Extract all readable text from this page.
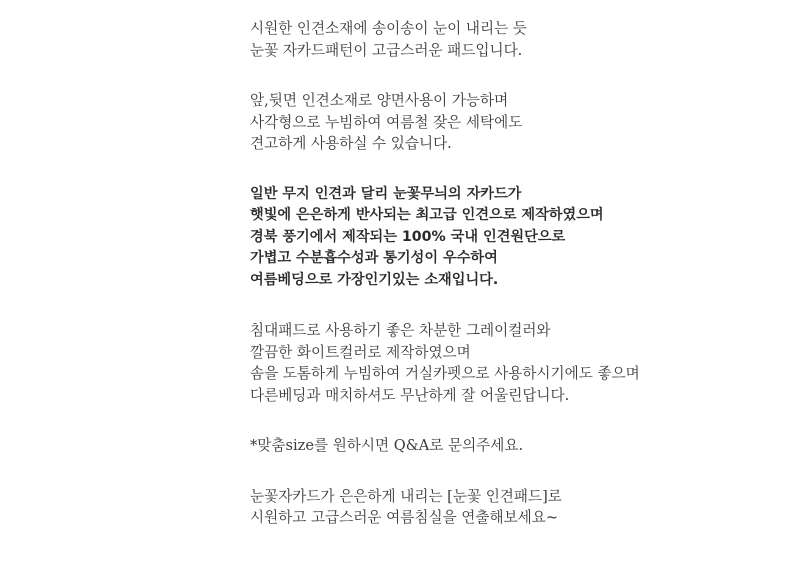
시원한 인견소재에 송이송이 눈이 내리는 듯
눈꽃 자카드패턴이 고급스러운 패드입니다.

앞,뒷면 인견소재로 양면사용이 가능하며
사각형으로 누빔하여 여름철 잦은 세탁에도
견고하게 사용하실 수 있습니다.

일반 무지 인견과 달리 눈꽃무늬의 자카드가
햇빛에 은은하게 반사되는 최고급 인견으로 제작하였으며
경북 풍기에서 제작되는 100% 국내 인견원단으로
가볍고 수분흡수성과 통기성이 우수하여
여름베딩으로 가장인기있는 소재입니다.

침대패드로 사용하기 좋은 차분한 그레이컬러와
깔끔한 화이트컬러로 제작하였으며
솜을 도톰하게 누빔하여 거실카펫으로 사용하시기에도 좋으며
다른베딩과 매치하셔도 무난하게 잘 어울린답니다.

*맞춤size를 원하시면 Q&A로 문의주세요.

눈꽃자카드가 은은하게 내리는 [눈꽃 인견패드]로
시원하고 고급스러운 여름침실을 연출해보세요~
